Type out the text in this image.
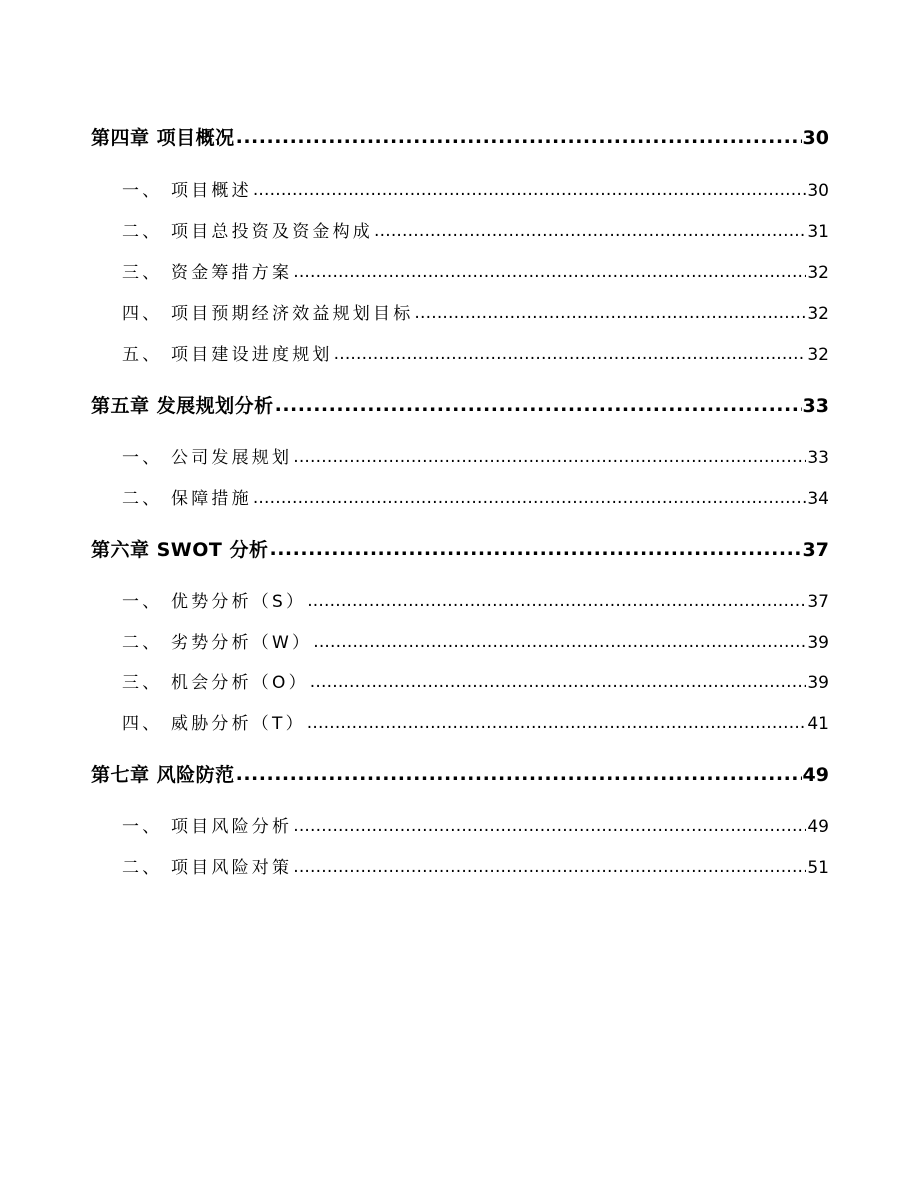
第四章 项目概况 .....	30
一、 项目概述 .....	30
二、 项目总投资及资金构成 .....	31
三、 资金筹措方案 .....	32
四、 项目预期经济效益规划目标 .....	32
五、 项目建设进度规划 .....	32
第五章 发展规划分析 .....	33
一、 公司发展规划 .....	33
二、 保障措施 .....	34
第六章 SWOT 分析 .....	37
一、 优势分析（S） .....	37
二、 劣势分析（W） .....	39
三、 机会分析（O） .....	39
四、 威胁分析（T） .....	41
第七章 风险防范 .....	49
一、 项目风险分析 .....	49
二、 项目风险对策 .....	51
